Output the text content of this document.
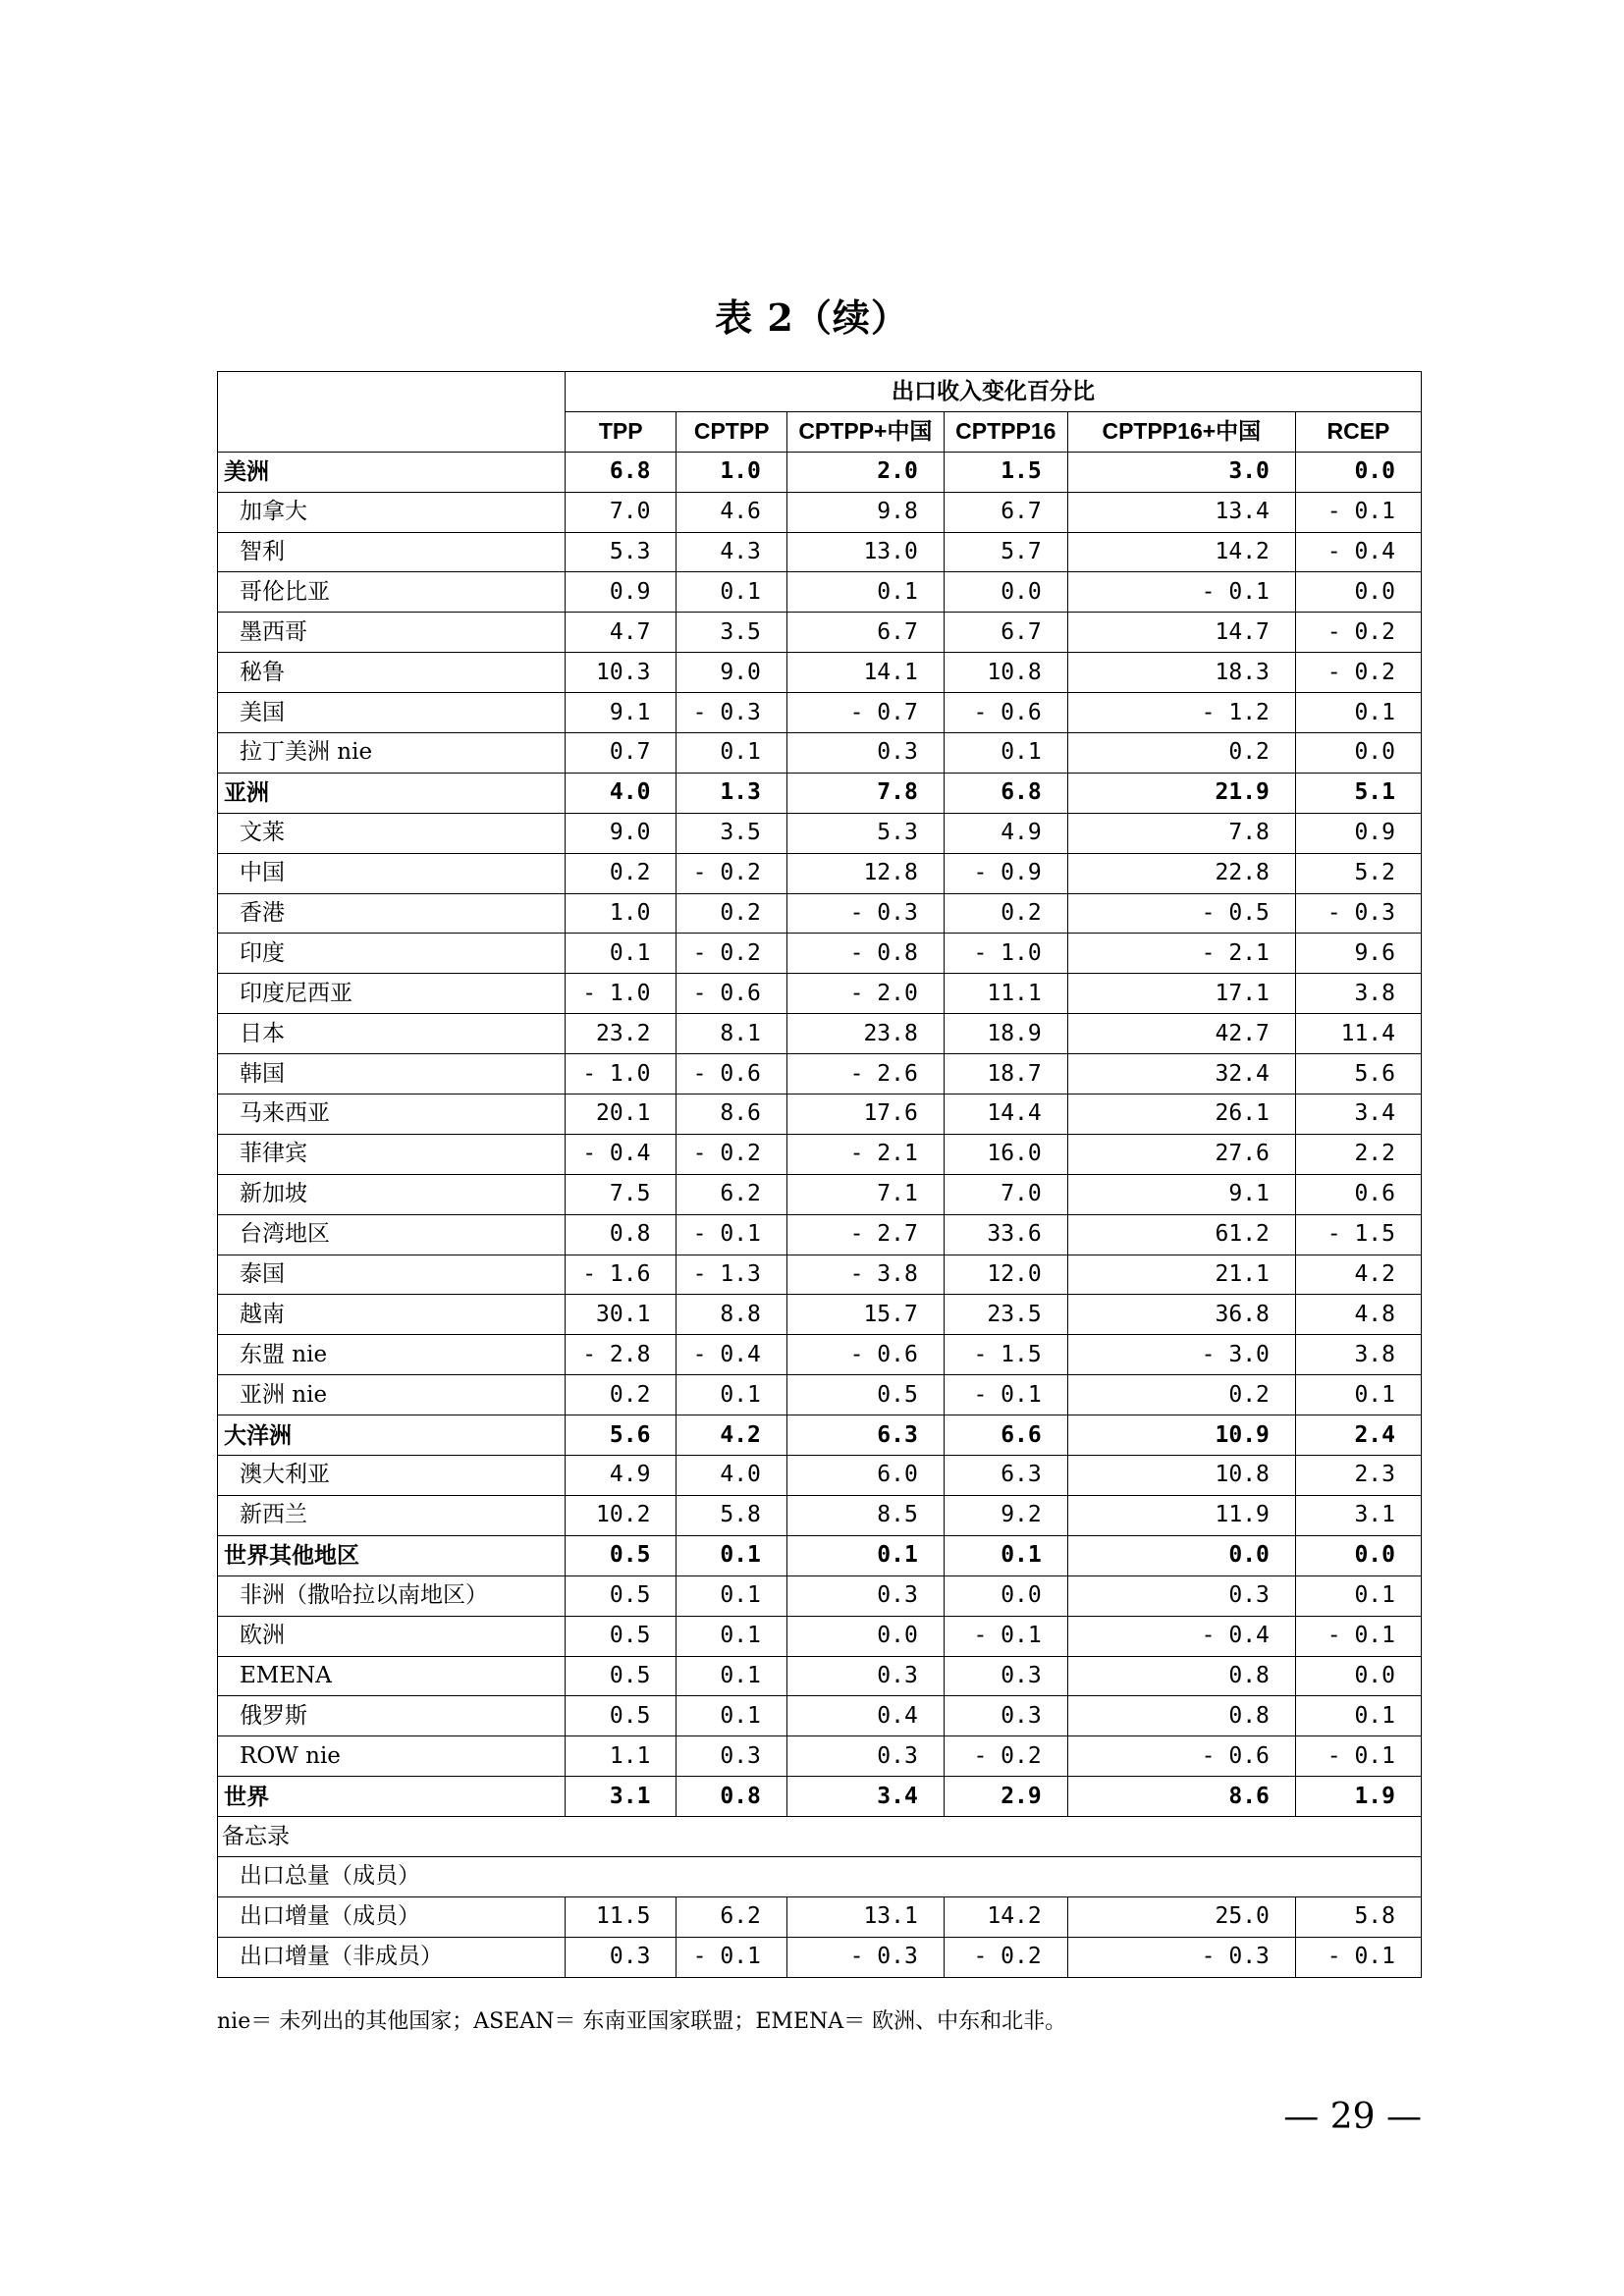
表 2（续）
	出口收入变化百分比					
	TPP	CPTPP	CPTPP+中国	CPTPP16	CPTPP16+中国	RCEP
美洲	6.8	1.0	2.0	1.5	3.0	0.0
加拿大	7.0	4.6	9.8	6.7	13.4	- 0.1
智利	5.3	4.3	13.0	5.7	14.2	- 0.4
哥伦比亚	0.9	0.1	0.1	0.0	- 0.1	0.0
墨西哥	4.7	3.5	6.7	6.7	14.7	- 0.2
秘鲁	10.3	9.0	14.1	10.8	18.3	- 0.2
美国	9.1	- 0.3	- 0.7	- 0.6	- 1.2	0.1
拉丁美洲 nie	0.7	0.1	0.3	0.1	0.2	0.0
亚洲	4.0	1.3	7.8	6.8	21.9	5.1
文莱	9.0	3.5	5.3	4.9	7.8	0.9
中国	0.2	- 0.2	12.8	- 0.9	22.8	5.2
香港	1.0	0.2	- 0.3	0.2	- 0.5	- 0.3
印度	0.1	- 0.2	- 0.8	- 1.0	- 2.1	9.6
印度尼西亚	- 1.0	- 0.6	- 2.0	11.1	17.1	3.8
日本	23.2	8.1	23.8	18.9	42.7	11.4
韩国	- 1.0	- 0.6	- 2.6	18.7	32.4	5.6
马来西亚	20.1	8.6	17.6	14.4	26.1	3.4
菲律宾	- 0.4	- 0.2	- 2.1	16.0	27.6	2.2
新加坡	7.5	6.2	7.1	7.0	9.1	0.6
台湾地区	0.8	- 0.1	- 2.7	33.6	61.2	- 1.5
泰国	- 1.6	- 1.3	- 3.8	12.0	21.1	4.2
越南	30.1	8.8	15.7	23.5	36.8	4.8
东盟 nie	- 2.8	- 0.4	- 0.6	- 1.5	- 3.0	3.8
亚洲 nie	0.2	0.1	0.5	- 0.1	0.2	0.1
大洋洲	5.6	4.2	6.3	6.6	10.9	2.4
澳大利亚	4.9	4.0	6.0	6.3	10.8	2.3
新西兰	10.2	5.8	8.5	9.2	11.9	3.1
世界其他地区	0.5	0.1	0.1	0.1	0.0	0.0
非洲（撒哈拉以南地区）	0.5	0.1	0.3	0.0	0.3	0.1
欧洲	0.5	0.1	0.0	- 0.1	- 0.4	- 0.1
EMENA	0.5	0.1	0.3	0.3	0.8	0.0
俄罗斯	0.5	0.1	0.4	0.3	0.8	0.1
ROW nie	1.1	0.3	0.3	- 0.2	- 0.6	- 0.1
世界	3.1	0.8	3.4	2.9	8.6	1.9
备忘录						
出口总量（成员）						
出口增量（成员）	11.5	6.2	13.1	14.2	25.0	5.8
出口增量（非成员）	0.3	- 0.1	- 0.3	- 0.2	- 0.3	- 0.1
nie＝ 未列出的其他国家；ASEAN＝ 东南亚国家联盟；EMENA＝ 欧洲、中东和北非。
— 29 —
